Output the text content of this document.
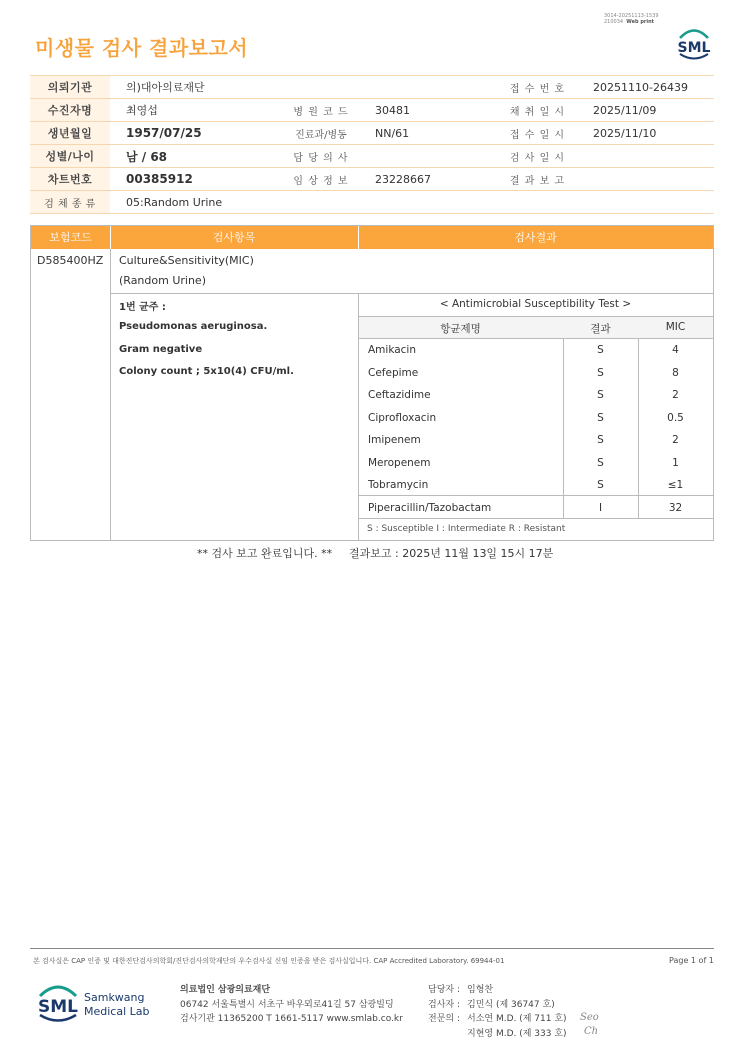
3014-20251113-1539
210034 Web print
미생물 검사 결과보고서	SML
의뢰기관	의)대아의료재단			접 수 번 호	20251110-26439
수진자명	최영섭	병 원 코 드	30481	채 취 일 시	2025/11/09
생년월일	1957/07/25	진료과/병동	NN/61	접 수 일 시	2025/11/10
성별/나이	남 / 68	담 당 의 사		검 사 일 시	
차트번호	00385912	임 상 정 보	23228667	결 과 보 고	
검 체 종 류	05:Random Urine				
보험코드	검사항목	검사결과
D585400HZ Culture&Sensitivity(MIC)
(Random Urine)
1번 균주 :
Pseudomonas aeruginosa.
Gram negative
Colony count ; 5x10(4) CFU/ml.
< Antimicrobial Susceptibility Test >
항균제명	결과	MIC
Amikacin	S	4
Cefepime	S	8
Ceftazidime	S	2
Ciprofloxacin	S	0.5
Imipenem	S	2
Meropenem	S	1
Tobramycin	S	≤1
Piperacillin/Tazobactam	I	32
S : Susceptible I : Intermediate R : Resistant
** 검사 보고 완료입니다. ** 결과보고 : 2025년 11월 13일 15시 17분
본 검사실은 CAP 인증 및 대한진단검사의학회/진단검사의학재단의 우수검사실 신임 인증을 받은 검사실입니다. CAP Accredited Laboratory. 69944-01	Page 1 of 1
SML Samkwang
Medical Lab
의료법인 삼광의료재단
06742 서울특별시 서초구 바우뫼로41길 57 삼광빌딩
검사기관 11365200 T 1661-5117 www.smlab.co.kr
담당자 : 임형찬
검사자 : 김민식 (제 36747 호)
전문의 : 서소연 M.D. (제 711 호)
지현영 M.D. (제 333 호)
Seo
Ch
